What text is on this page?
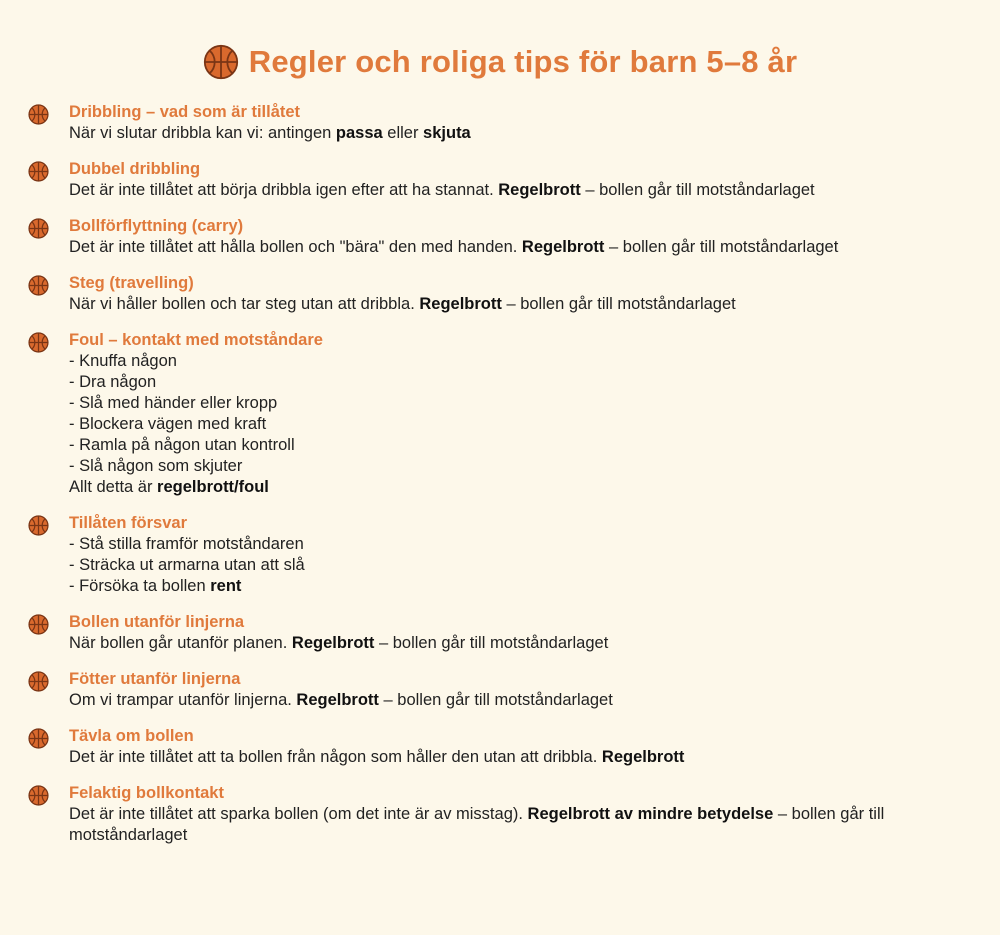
Regler och roliga tips för barn 5–8 år
Dribbling – vad som är tillåtet
När vi slutar dribbla kan vi: antingen passa eller skjuta
Dubbel dribbling
Det är inte tillåtet att börja dribbla igen efter att ha stannat. Regelbrott – bollen går till motståndarlaget
Bollförflyttning (carry)
Det är inte tillåtet att hålla bollen och "bära" den med handen. Regelbrott – bollen går till motståndarlaget
Steg (travelling)
När vi håller bollen och tar steg utan att dribbla. Regelbrott – bollen går till motståndarlaget
Foul – kontakt med motståndare
- Knuffa någon
- Dra någon
- Slå med händer eller kropp
- Blockera vägen med kraft
- Ramla på någon utan kontroll
- Slå någon som skjuter
Allt detta är regelbrott/foul
Tillåten försvar
- Stå stilla framför motståndaren
- Sträcka ut armarna utan att slå
- Försöka ta bollen rent
Bollen utanför linjerna
När bollen går utanför planen. Regelbrott – bollen går till motståndarlaget
Fötter utanför linjerna
Om vi trampar utanför linjerna. Regelbrott – bollen går till motståndarlaget
Tävla om bollen
Det är inte tillåtet att ta bollen från någon som håller den utan att dribbla. Regelbrott
Felaktig bollkontakt
Det är inte tillåtet att sparka bollen (om det inte är av misstag). Regelbrott av mindre betydelse – bollen går till
motståndarlaget
